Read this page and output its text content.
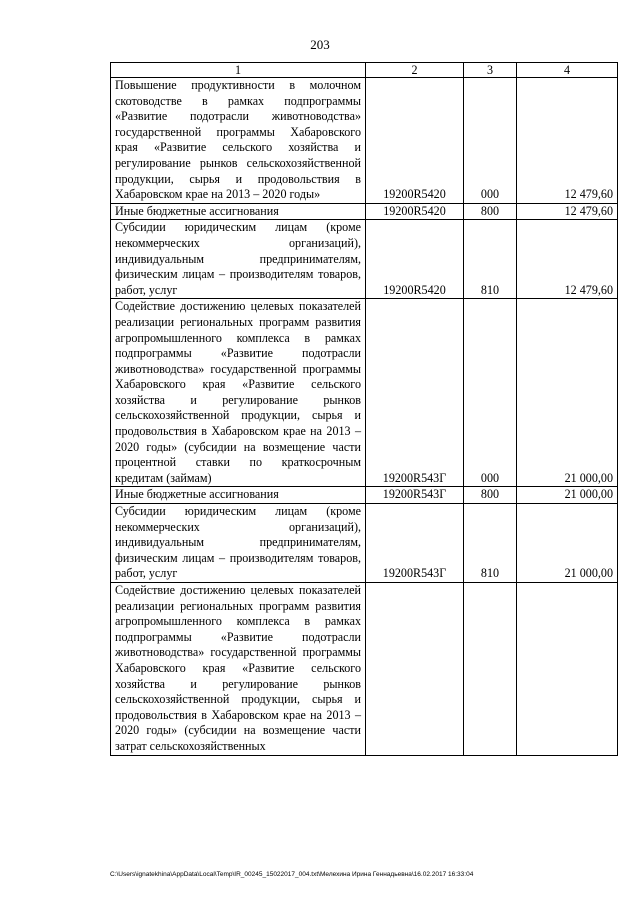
203
1	2	3	4
Повышение продуктивности в молочном скотоводстве в рамках подпрограммы «Развитие подотрасли животноводства» государственной программы Хабаровского края «Развитие сельского хозяйства и регулирование рынков сельскохозяйственной продукции, сырья и продовольствия в Хабаровском крае на 2013 – 2020 годы»	19200R5420	000	12 479,60
Иные бюджетные ассигнования	19200R5420	800	12 479,60
Субсидии юридическим лицам (кроме некоммерческих организаций), индивидуальным предпринимателям, физическим лицам – производителям товаров, работ, услуг	19200R5420	810	12 479,60
Содействие достижению целевых показателей реализации региональных программ развития агропромышленного комплекса в рамках подпрограммы «Развитие подотрасли животноводства» государственной программы Хабаровского края «Развитие сельского хозяйства и регулирование рынков сельскохозяйственной продукции, сырья и продовольствия в Хабаровском крае на 2013 – 2020 годы» (субсидии на возмещение части процентной ставки по краткосрочным кредитам (займам)	19200R543Г	000	21 000,00
Иные бюджетные ассигнования	19200R543Г	800	21 000,00
Субсидии юридическим лицам (кроме некоммерческих организаций), индивидуальным предпринимателям, физическим лицам – производителям товаров, работ, услуг	19200R543Г	810	21 000,00
Содействие достижению целевых показателей реализации региональных программ развития агропромышленного комплекса в рамках подпрограммы «Развитие подотрасли животноводства» государственной программы Хабаровского края «Развитие сельского хозяйства и регулирование рынков сельскохозяйственной продукции, сырья и продовольствия в Хабаровском крае на 2013 – 2020 годы» (субсидии на возмещение части затрат сельскохозяйственных			
C:\Users\ignatekhina\AppData\Local\Temp\IR_00245_15022017_004.txt\Мелехина Ирина Геннадьевна\16.02.2017 16:33:04
